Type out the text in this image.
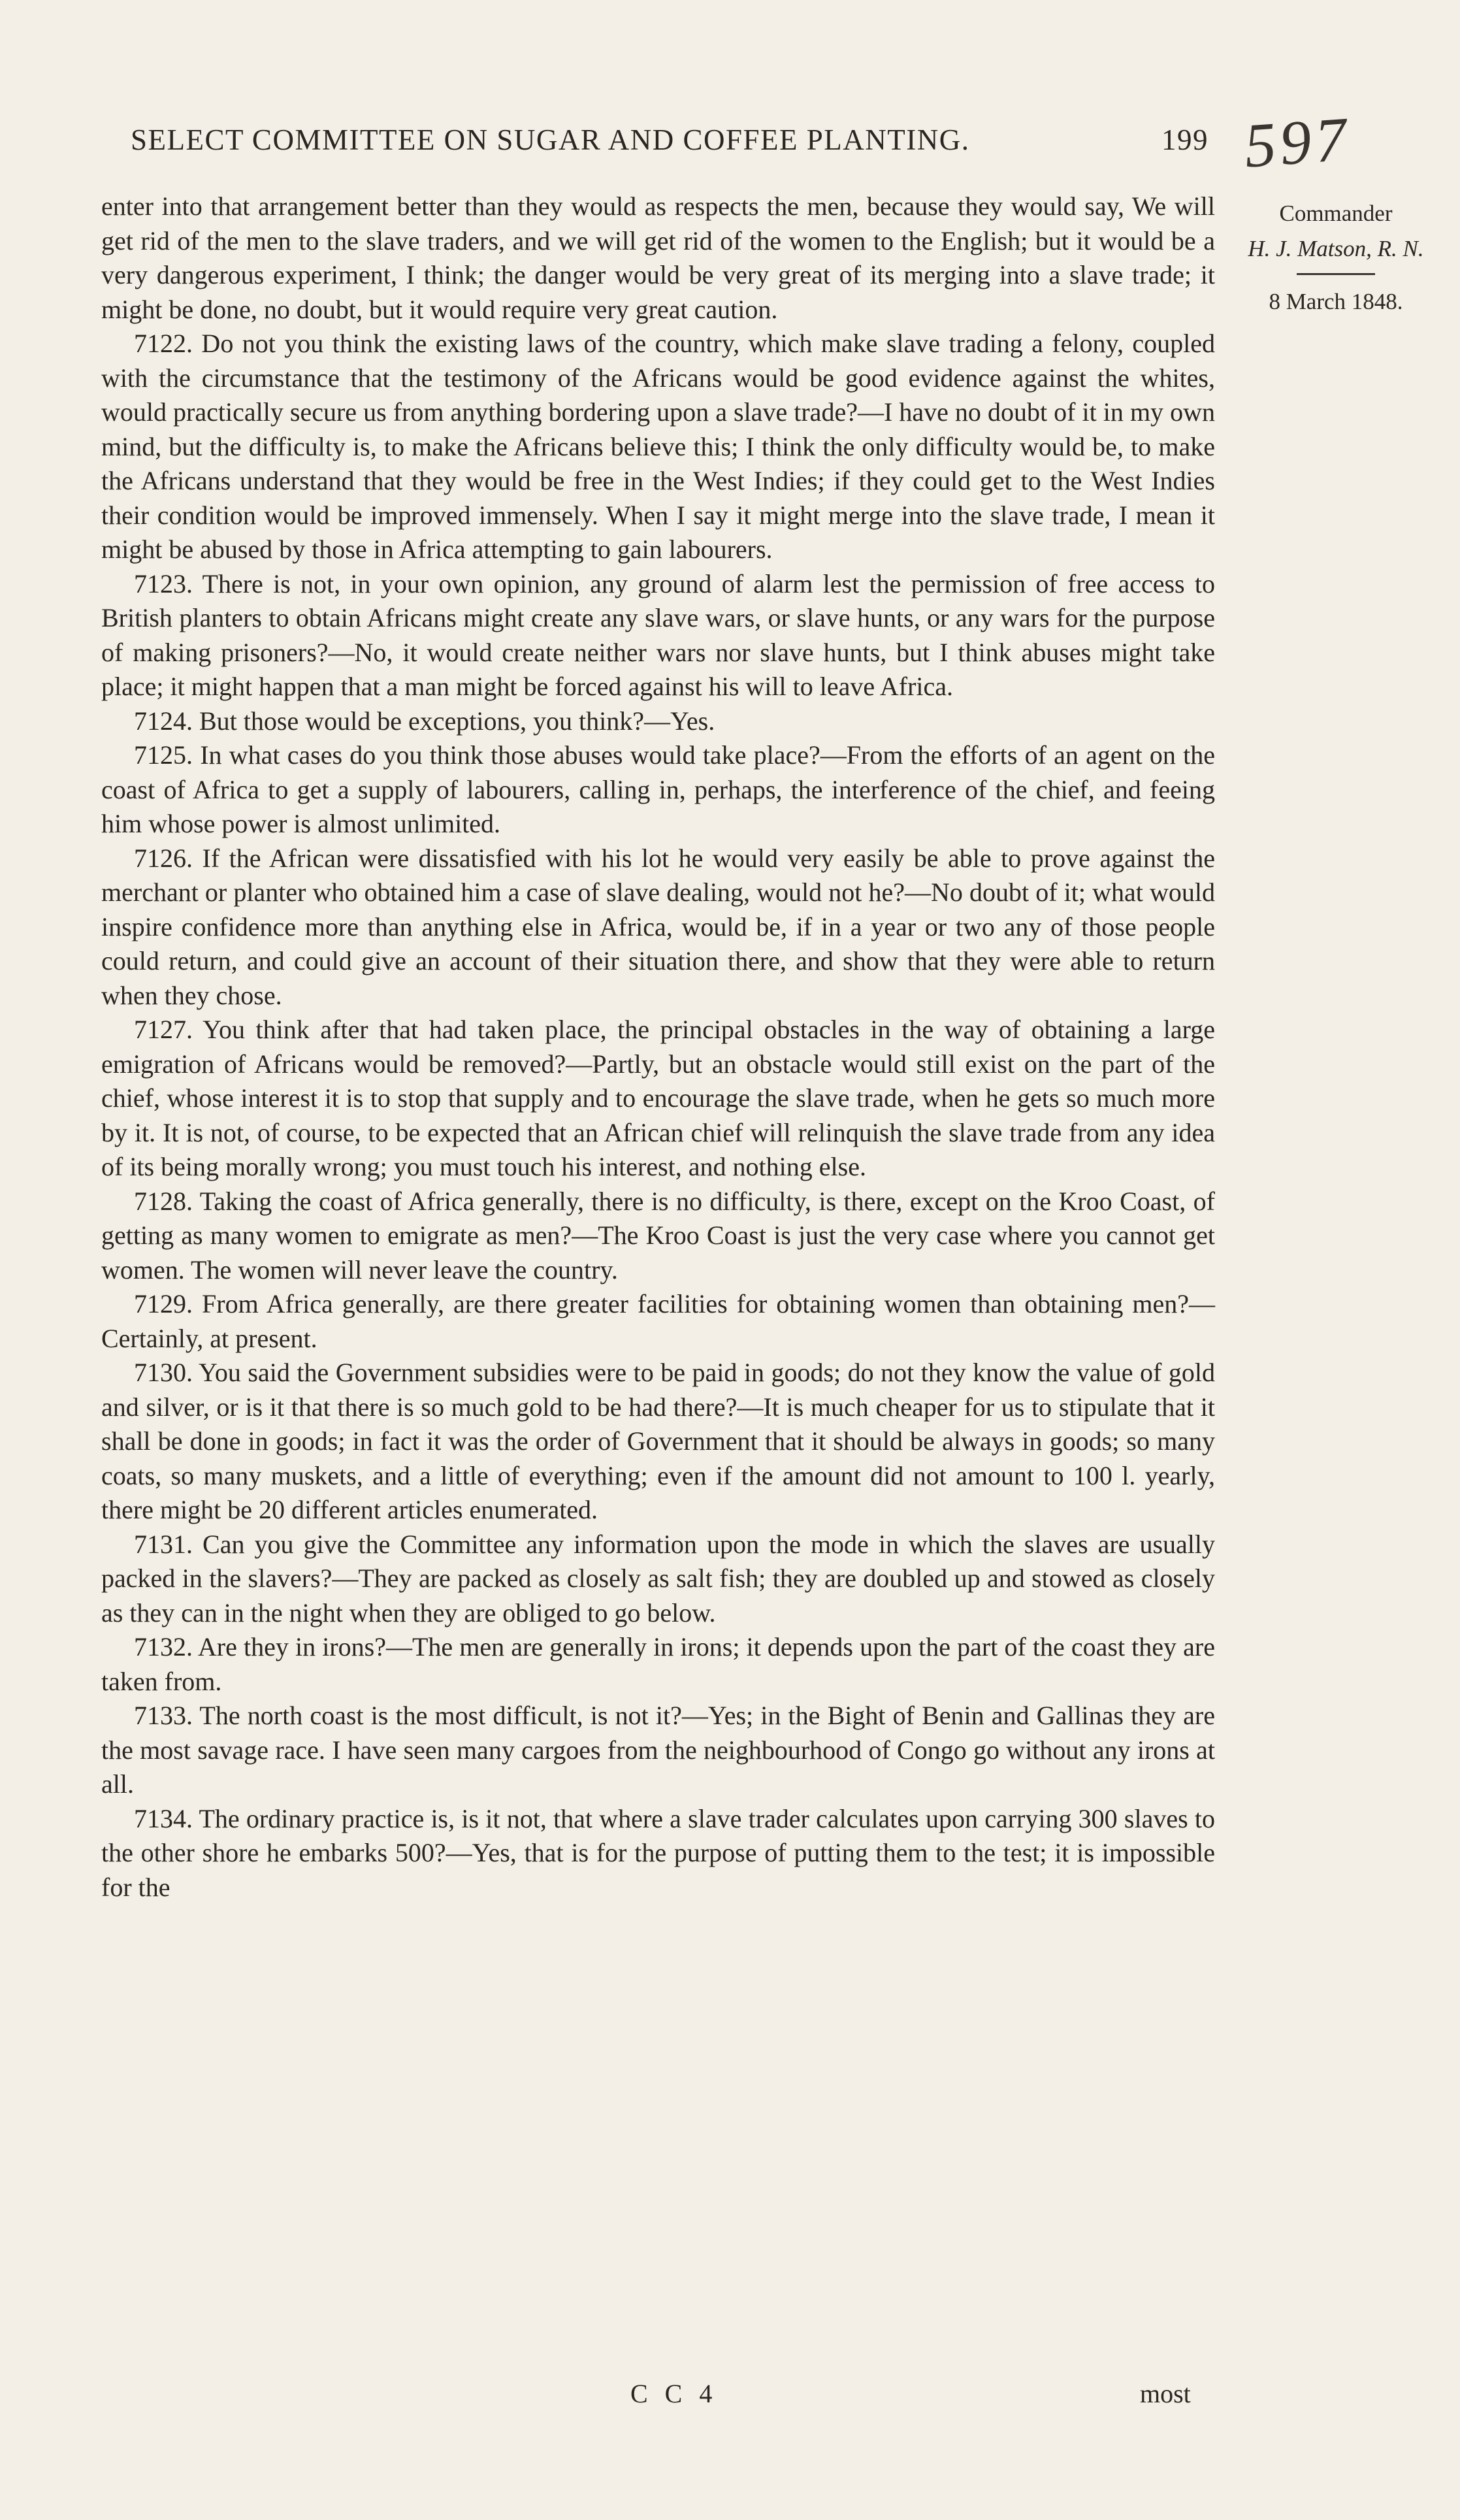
SELECT COMMITTEE ON SUGAR AND COFFEE PLANTING.	199 597
Commander
H. J. Matson, R. N.
8 March 1848.

enter into that arrangement better than they would as respects the men, because they would say, We will get rid of the men to the slave traders, and we will get rid of the women to the English; but it would be a very dangerous experiment, I think; the danger would be very great of its merging into a slave trade; it might be done, no doubt, but it would require very great caution.

7122. Do not you think the existing laws of the country, which make slave trading a felony, coupled with the circumstance that the testimony of the Africans would be good evidence against the whites, would practically secure us from anything bordering upon a slave trade?—I have no doubt of it in my own mind, but the difficulty is, to make the Africans believe this; I think the only difficulty would be, to make the Africans understand that they would be free in the West Indies; if they could get to the West Indies their condition would be improved immensely. When I say it might merge into the slave trade, I mean it might be abused by those in Africa attempting to gain labourers.

7123. There is not, in your own opinion, any ground of alarm lest the permission of free access to British planters to obtain Africans might create any slave wars, or slave hunts, or any wars for the purpose of making prisoners?—No, it would create neither wars nor slave hunts, but I think abuses might take place; it might happen that a man might be forced against his will to leave Africa.

7124. But those would be exceptions, you think?—Yes.

7125. In what cases do you think those abuses would take place?—From the efforts of an agent on the coast of Africa to get a supply of labourers, calling in, perhaps, the interference of the chief, and feeing him whose power is almost unlimited.

7126. If the African were dissatisfied with his lot he would very easily be able to prove against the merchant or planter who obtained him a case of slave dealing, would not he?—No doubt of it; what would inspire confidence more than anything else in Africa, would be, if in a year or two any of those people could return, and could give an account of their situation there, and show that they were able to return when they chose.

7127. You think after that had taken place, the principal obstacles in the way of obtaining a large emigration of Africans would be removed?—Partly, but an obstacle would still exist on the part of the chief, whose interest it is to stop that supply and to encourage the slave trade, when he gets so much more by it. It is not, of course, to be expected that an African chief will relinquish the slave trade from any idea of its being morally wrong; you must touch his interest, and nothing else.

7128. Taking the coast of Africa generally, there is no difficulty, is there, except on the Kroo Coast, of getting as many women to emigrate as men?—The Kroo Coast is just the very case where you cannot get women. The women will never leave the country.

7129. From Africa generally, are there greater facilities for obtaining women than obtaining men?—Certainly, at present.

7130. You said the Government subsidies were to be paid in goods; do not they know the value of gold and silver, or is it that there is so much gold to be had there?—It is much cheaper for us to stipulate that it shall be done in goods; in fact it was the order of Government that it should be always in goods; so many coats, so many muskets, and a little of everything; even if the amount did not amount to 100 l. yearly, there might be 20 different articles enumerated.

7131. Can you give the Committee any information upon the mode in which the slaves are usually packed in the slavers?—They are packed as closely as salt fish; they are doubled up and stowed as closely as they can in the night when they are obliged to go below.

7132. Are they in irons?—The men are generally in irons; it depends upon the part of the coast they are taken from.

7133. The north coast is the most difficult, is not it?—Yes; in the Bight of Benin and Gallinas they are the most savage race. I have seen many cargoes from the neighbourhood of Congo go without any irons at all.

7134. The ordinary practice is, is it not, that where a slave trader calculates upon carrying 300 slaves to the other shore he embarks 500?—Yes, that is for the purpose of putting them to the test; it is impossible for the

C C 4	most
